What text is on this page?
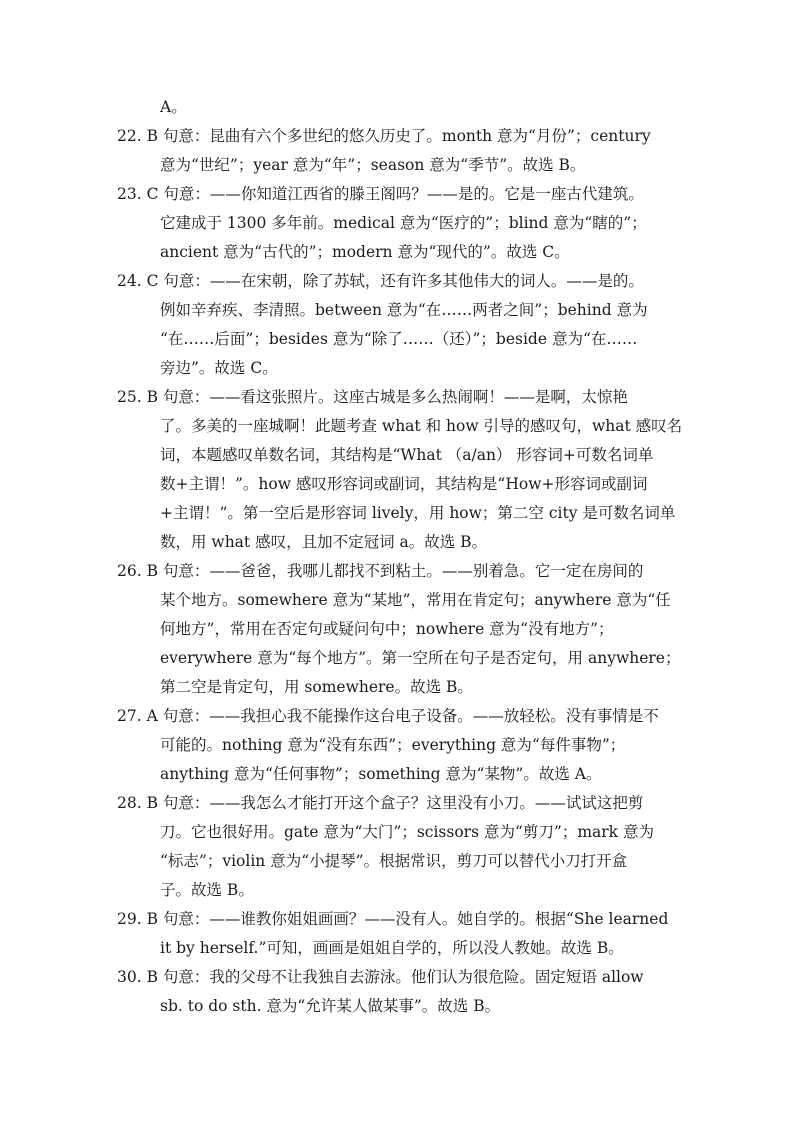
A。
22. B 句意：昆曲有六个多世纪的悠久历史了。month 意为“月份”；century
意为“世纪”；year 意为“年”；season 意为“季节”。故选 B。
23. C 句意：——你知道江西省的滕王阁吗？——是的。它是一座古代建筑。
它建成于 1300 多年前。medical 意为“医疗的”；blind 意为“瞎的”；
ancient 意为“古代的”；modern 意为“现代的”。故选 C。
24. C 句意：——在宋朝，除了苏轼，还有许多其他伟大的词人。——是的。
例如辛弃疾、李清照。between 意为“在……两者之间”；behind 意为
“在……后面”；besides 意为“除了……（还）”；beside 意为“在……
旁边”。故选 C。
25. B 句意：——看这张照片。这座古城是多么热闹啊！——是啊，太惊艳
了。多美的一座城啊！此题考查 what 和 how 引导的感叹句，what 感叹名
词，本题感叹单数名词，其结构是“What （a/an） 形容词+可数名词单
数+主谓！”。how 感叹形容词或副词，其结构是“How+形容词或副词
+主谓！”。第一空后是形容词 lively，用 how；第二空 city 是可数名词单
数，用 what 感叹，且加不定冠词 a。故选 B。
26. B 句意：——爸爸，我哪儿都找不到粘土。——别着急。它一定在房间的
某个地方。somewhere 意为“某地”，常用在肯定句；anywhere 意为“任
何地方”，常用在否定句或疑问句中；nowhere 意为“没有地方”；
everywhere 意为“每个地方”。第一空所在句子是否定句，用 anywhere；
第二空是肯定句，用 somewhere。故选 B。
27. A 句意：——我担心我不能操作这台电子设备。——放轻松。没有事情是不
可能的。nothing 意为“没有东西”；everything 意为“每件事物”；
anything 意为“任何事物”；something 意为“某物”。故选 A。
28. B 句意：——我怎么才能打开这个盒子？这里没有小刀。——试试这把剪
刀。它也很好用。gate 意为“大门”；scissors 意为“剪刀”；mark 意为
“标志”；violin 意为“小提琴”。根据常识，剪刀可以替代小刀打开盒
子。故选 B。
29. B 句意：——谁教你姐姐画画？——没有人。她自学的。根据“She learned
it by herself.”可知，画画是姐姐自学的，所以没人教她。故选 B。
30. B 句意：我的父母不让我独自去游泳。他们认为很危险。固定短语 allow
sb. to do sth. 意为“允许某人做某事”。故选 B。
